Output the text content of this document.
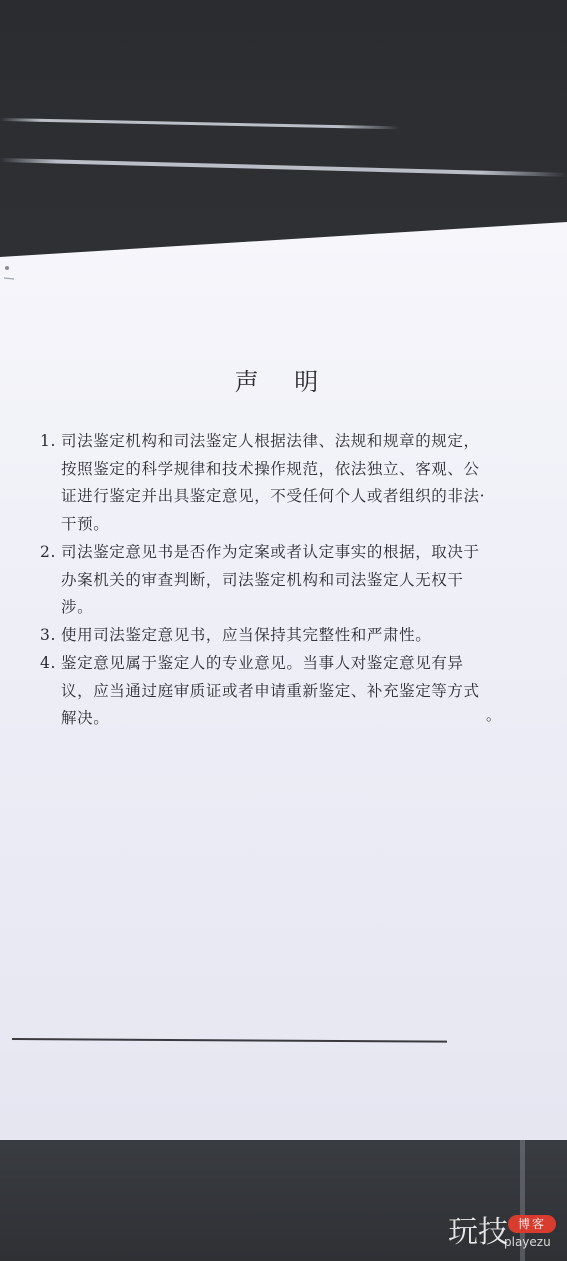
声 明
1. 司法鉴定机构和司法鉴定人根据法律、法规和规章的规定，
按照鉴定的科学规律和技术操作规范，依法独立、客观、公
证进行鉴定并出具鉴定意见，不受任何个人或者组织的非法·
干预。
2. 司法鉴定意见书是否作为定案或者认定事实的根据，取决于
办案机关的审查判断，司法鉴定机构和司法鉴定人无权干
涉。
3. 使用司法鉴定意见书，应当保持其完整性和严肃性。
4. 鉴定意见属于鉴定人的专业意见。当事人对鉴定意见有异
议，应当通过庭审质证或者申请重新鉴定、补充鉴定等方式
解决。	。
玩技 博客
playezu
